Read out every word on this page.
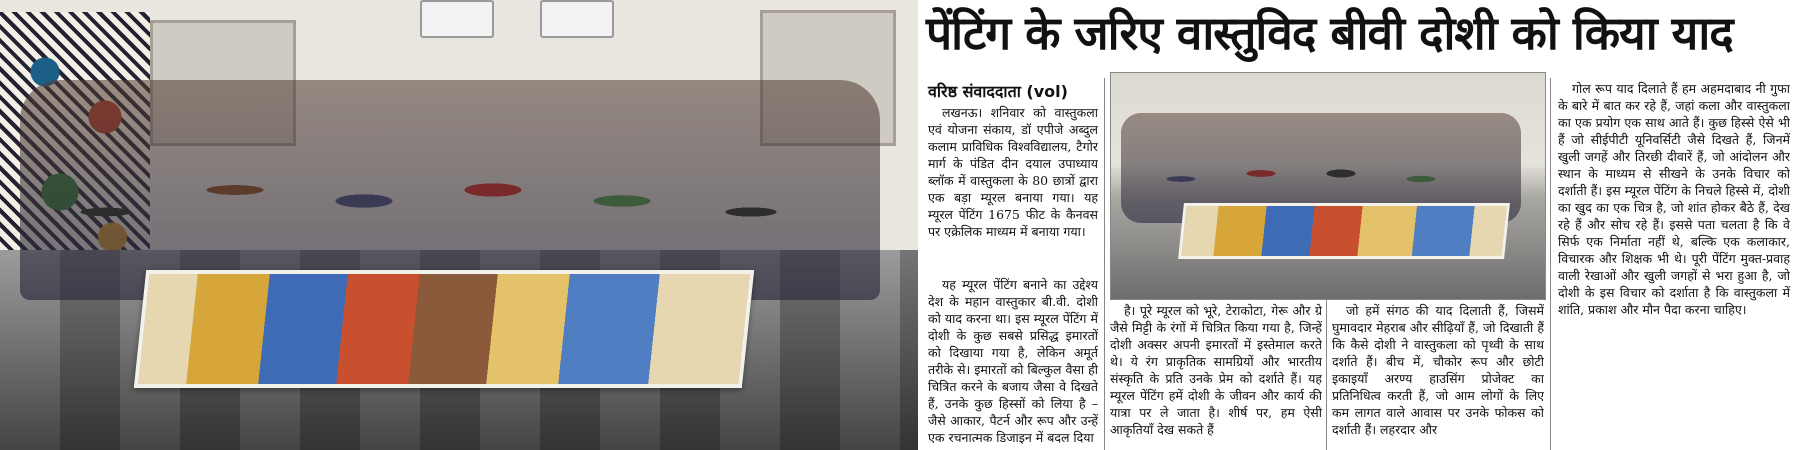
पेंटिंग के जरिए वास्तुविद बीवी दोशी को किया याद
वरिष्ठ संवाददाता (vol)

लखनऊ। शनिवार को वास्तुकला एवं योजना संकाय, डॉ एपीजे अब्दुल कलाम प्राविधिक विश्वविद्यालय, टैगोर मार्ग के पंडित दीन दयाल उपाध्याय ब्लॉक में वास्तुकला के 80 छात्रों द्वारा एक बड़ा म्यूरल बनाया गया। यह म्यूरल पेंटिंग 1675 फीट के कैनवस पर एक्रेलिक माध्यम में बनाया गया।

यह म्यूरल पेंटिंग बनाने का उद्देश्य देश के महान वास्तुकार बी.वी. दोशी को याद करना था। इस म्यूरल पेंटिंग में दोशी के कुछ सबसे प्रसिद्ध इमारतों को दिखाया गया है, लेकिन अमूर्त तरीके से। इमारतों को बिल्कुल वैसा ही चित्रित करने के बजाय जैसा वे दिखते हैं, उनके कुछ हिस्सों को लिया है – जैसे आकार, पैटर्न और रूप और उन्हें एक रचनात्मक डिजाइन में बदल दिया

है। पूरे म्यूरल को भूरे, टेराकोटा, गेरू और ग्रे जैसे मिट्टी के रंगों में चित्रित किया गया है, जिन्हें दोशी अक्सर अपनी इमारतों में इस्तेमाल करते थे। ये रंग प्राकृतिक सामग्रियों और भारतीय संस्कृति के प्रति उनके प्रेम को दर्शाते हैं। यह म्यूरल पेंटिंग हमें दोशी के जीवन और कार्य की यात्रा पर ले जाता है। शीर्ष पर, हम ऐसी आकृतियाँ देख सकते हैं

जो हमें संगठ की याद दिलाती हैं, जिसमें घुमावदार मेहराब और सीढ़ियाँ हैं, जो दिखाती हैं कि कैसे दोशी ने वास्तुकला को पृथ्वी के साथ दर्शाते हैं। बीच में, चौकोर रूप और छोटी इकाइयाँ अरण्य हाउसिंग प्रोजेक्ट का प्रतिनिधित्व करती हैं, जो आम लोगों के लिए कम लागत वाले आवास पर उनके फोकस को दर्शाती हैं। लहरदार और

गोल रूप याद दिलाते हैं हम अहमदाबाद नी गुफा के बारे में बात कर रहे हैं, जहां कला और वास्तुकला का एक प्रयोग एक साथ आते हैं। कुछ हिस्से ऐसे भी हैं जो सीईपीटी यूनिवर्सिटी जैसे दिखते हैं, जिनमें खुली जगहें और तिरछी दीवारें हैं, जो आंदोलन और स्थान के माध्यम से सीखने के उनके विचार को दर्शाती हैं। इस म्यूरल पेंटिंग के निचले हिस्से में, दोशी का खुद का एक चित्र है, जो शांत होकर बैठे हैं, देख रहे हैं और सोच रहे हैं। इससे पता चलता है कि वे सिर्फ एक निर्माता नहीं थे, बल्कि एक कलाकार, विचारक और शिक्षक भी थे। पूरी पेंटिंग मुक्त-प्रवाह वाली रेखाओं और खुली जगहों से भरा हुआ है, जो दोशी के इस विचार को दर्शाता है कि वास्तुकला में शांति, प्रकाश और मौन पैदा करना चाहिए।
